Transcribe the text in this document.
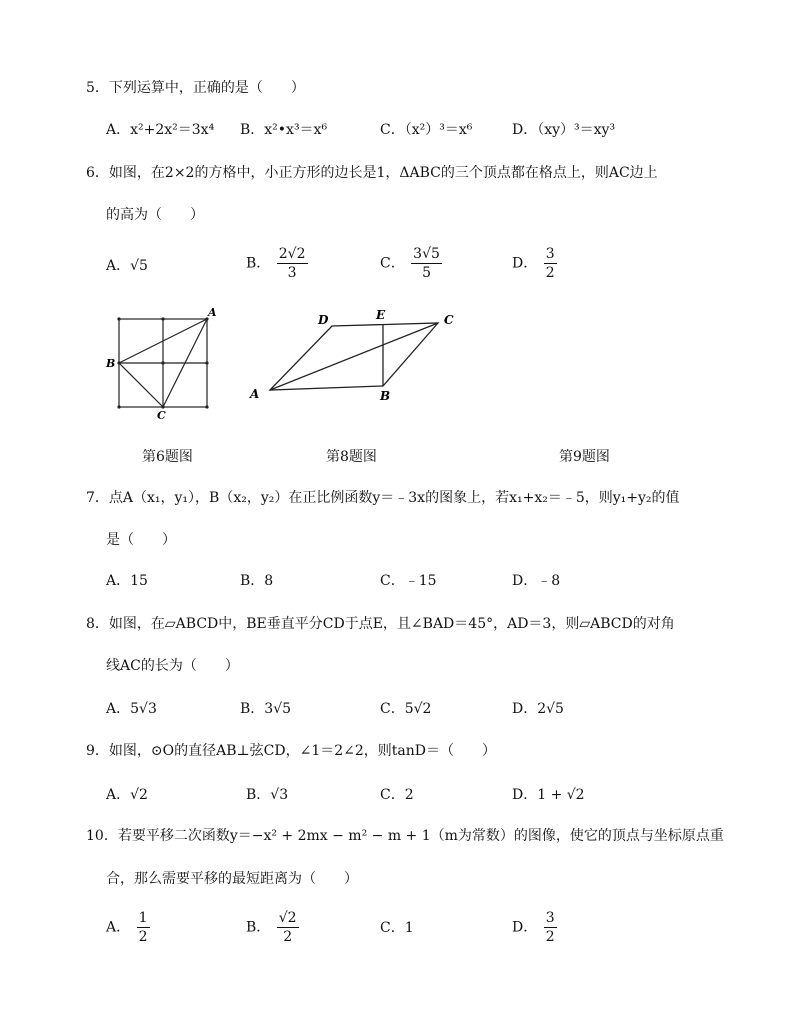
5．下列运算中，正确的是（　　）
A．x²+2x²＝3x⁴ B．x²•x³＝x⁶	C．（x²）³＝x⁶	D．（xy）³＝xy³
6．如图，在2×2的方格中，小正方形的边长是1，ΔABC的三个顶点都在格点上，则AC边上
的高为（　　）
A．√5	B． $\frac{2√2}{3}$	C． $\frac{3√5}{5}$	D． $\frac{3}{2}$
A
B
C
A	B
C
D	E
第6题图	第8题图	第9题图
7．点A（x₁，y₁），B（x₂，y₂）在正比例函数y＝﹣3x的图象上，若x₁+x₂＝﹣5，则y₁+y₂的值
是（　　）
A．15	B．8	C．﹣15	D．﹣8
8．如图，在▱ABCD中，BE垂直平分CD于点E，且∠BAD＝45°，AD＝3，则▱ABCD的对角
线AC的长为（　　）
A．5√3	B．3√5	C．5√2	D．2√5
9．如图，⊙O的直径AB⊥弦CD，∠1＝2∠2，则tanD＝（　　）
A．√2	B．√3	C．2	D．1 + √2
10．若要平移二次函数y＝−x² + 2mx − m² − m + 1（m为常数）的图像，使它的顶点与坐标原点重
合，那么需要平移的最短距离为（　　）
A． $\frac{1}{2}$	B． $\frac{√2}{2}$	C．1	D． $\frac{3}{2}$
